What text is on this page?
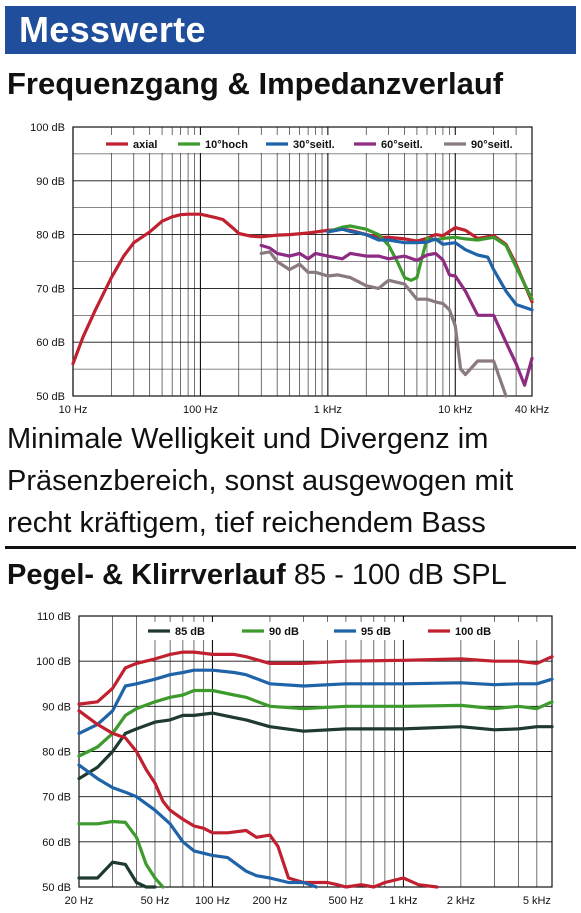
Messwerte
Frequenzgang & Impedanzverlauf
100 dB
90 dB
80 dB
70 dB
60 dB
50 dB
10 Hz	100 Hz	1 kHz	10 kHz	40 kHz
axial	10°hoch	30°seitl.	60°seitl.	90°seitl.
Minimale Welligkeit und Divergenz im Präsenzbereich, sonst ausgewogen mit recht kräftigem, tief reichendem Bass
Pegel- & Klirrverlauf 85 - 100 dB SPL
110 dB
100 dB
90 dB
80 dB
70 dB
60 dB
50 dB
20 Hz	50 Hz 100 Hz 200 Hz	500 Hz 1 kHz	2 kHz	5 kHz
85 dB	90 dB	95 dB	100 dB
